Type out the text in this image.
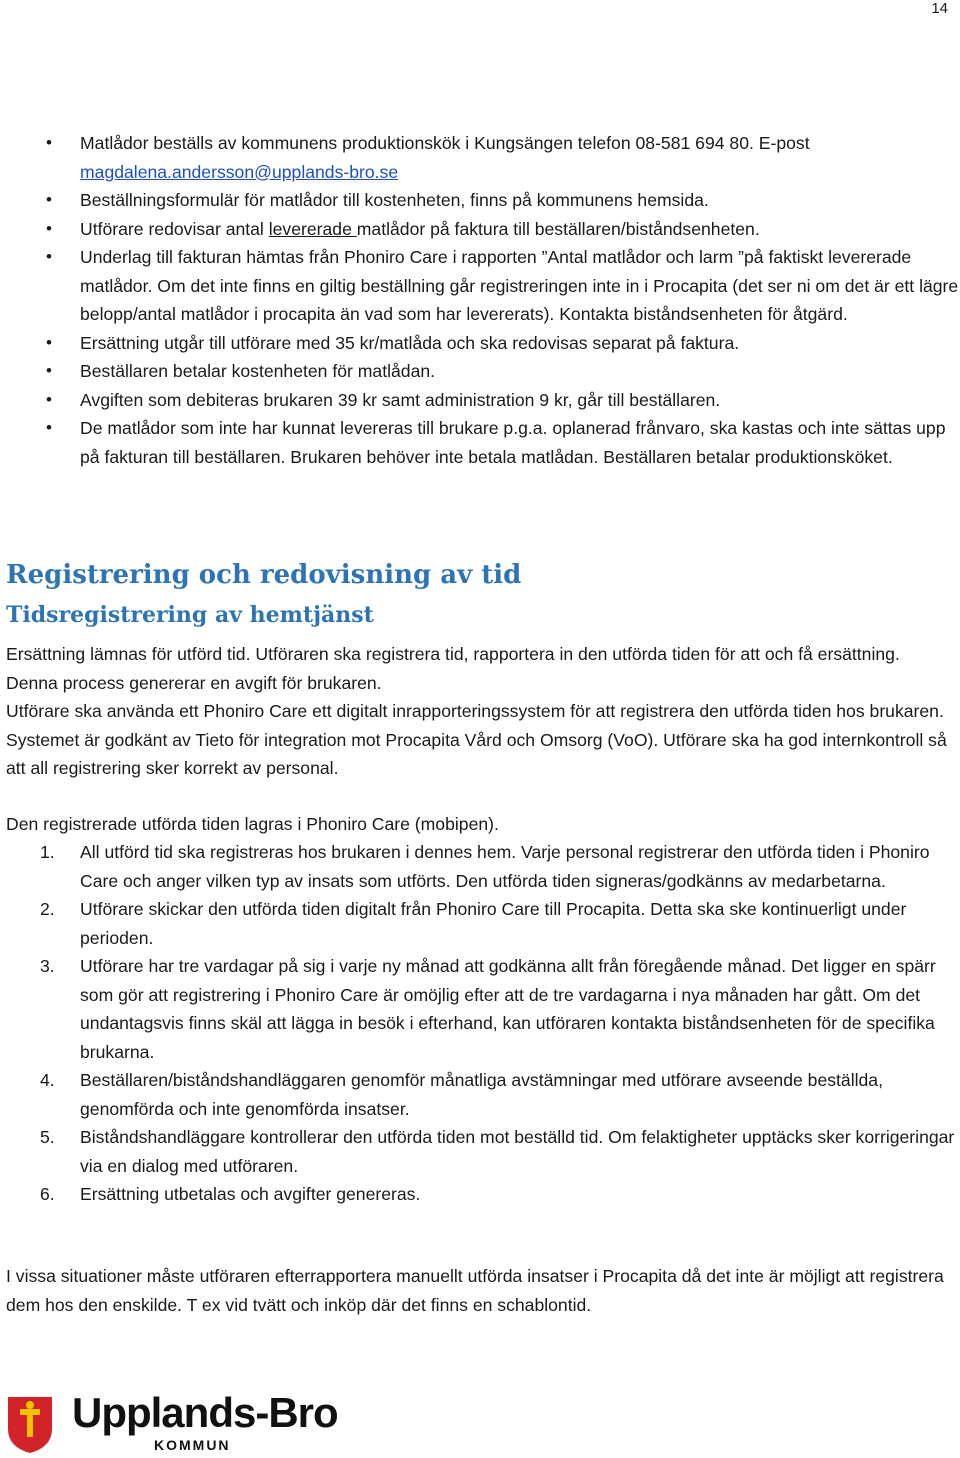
14
• Matlådor beställs av kommunens produktionskök i Kungsängen telefon 08-581 694 80. E-post magdalena.andersson@upplands-bro.se
• Beställningsformulär för matlådor till kostenheten, finns på kommunens hemsida.
• Utförare redovisar antal levererade matlådor på faktura till beställaren/biståndsenheten.
• Underlag till fakturan hämtas från Phoniro Care i rapporten ”Antal matlådor och larm ”på faktiskt levererade matlådor. Om det inte finns en giltig beställning går registreringen inte in i Procapita (det ser ni om det är ett lägre belopp/antal matlådor i procapita än vad som har levererats). Kontakta biståndsenheten för åtgärd.
• Ersättning utgår till utförare med 35 kr/matlåda och ska redovisas separat på faktura.
• Beställaren betalar kostenheten för matlådan.
• Avgiften som debiteras brukaren 39 kr samt administration 9 kr, går till beställaren.
• De matlådor som inte har kunnat levereras till brukare p.g.a. oplanerad frånvaro, ska kastas och inte sättas upp på fakturan till beställaren. Brukaren behöver inte betala matlådan. Beställaren betalar produktionsköket.
Registrering och redovisning av tid
Tidsregistrering av hemtjänst

Ersättning lämnas för utförd tid. Utföraren ska registrera tid, rapportera in den utförda tiden för att och få ersättning. Denna process genererar en avgift för brukaren.

Utförare ska använda ett Phoniro Care ett digitalt inrapporteringssystem för att registrera den utförda tiden hos brukaren. Systemet är godkänt av Tieto för integration mot Procapita Vård och Omsorg (VoO). Utförare ska ha god internkontroll så att all registrering sker korrekt av personal.

Den registrerade utförda tiden lagras i Phoniro Care (mobipen).

1. All utförd tid ska registreras hos brukaren i dennes hem. Varje personal registrerar den utförda tiden i Phoniro Care och anger vilken typ av insats som utförts. Den utförda tiden signeras/godkänns av medarbetarna.
2. Utförare skickar den utförda tiden digitalt från Phoniro Care till Procapita. Detta ska ske kontinuerligt under perioden.
3. Utförare har tre vardagar på sig i varje ny månad att godkänna allt från föregående månad. Det ligger en spärr som gör att registrering i Phoniro Care är omöjlig efter att de tre vardagarna i nya månaden har gått. Om det undantagsvis finns skäl att lägga in besök i efterhand, kan utföraren kontakta biståndsenheten för de specifika brukarna.
4. Beställaren/biståndshandläggaren genomför månatliga avstämningar med utförare avseende beställda, genomförda och inte genomförda insatser.
5. Biståndshandläggare kontrollerar den utförda tiden mot beställd tid. Om felaktigheter upptäcks sker korrigeringar via en dialog med utföraren.
6. Ersättning utbetalas och avgifter genereras.

I vissa situationer måste utföraren efterrapportera manuellt utförda insatser i Procapita då det inte är möjligt att registrera dem hos den enskilde. T ex vid tvätt och inköp där det finns en schablontid.

Upplands-Bro
KOMMUN
